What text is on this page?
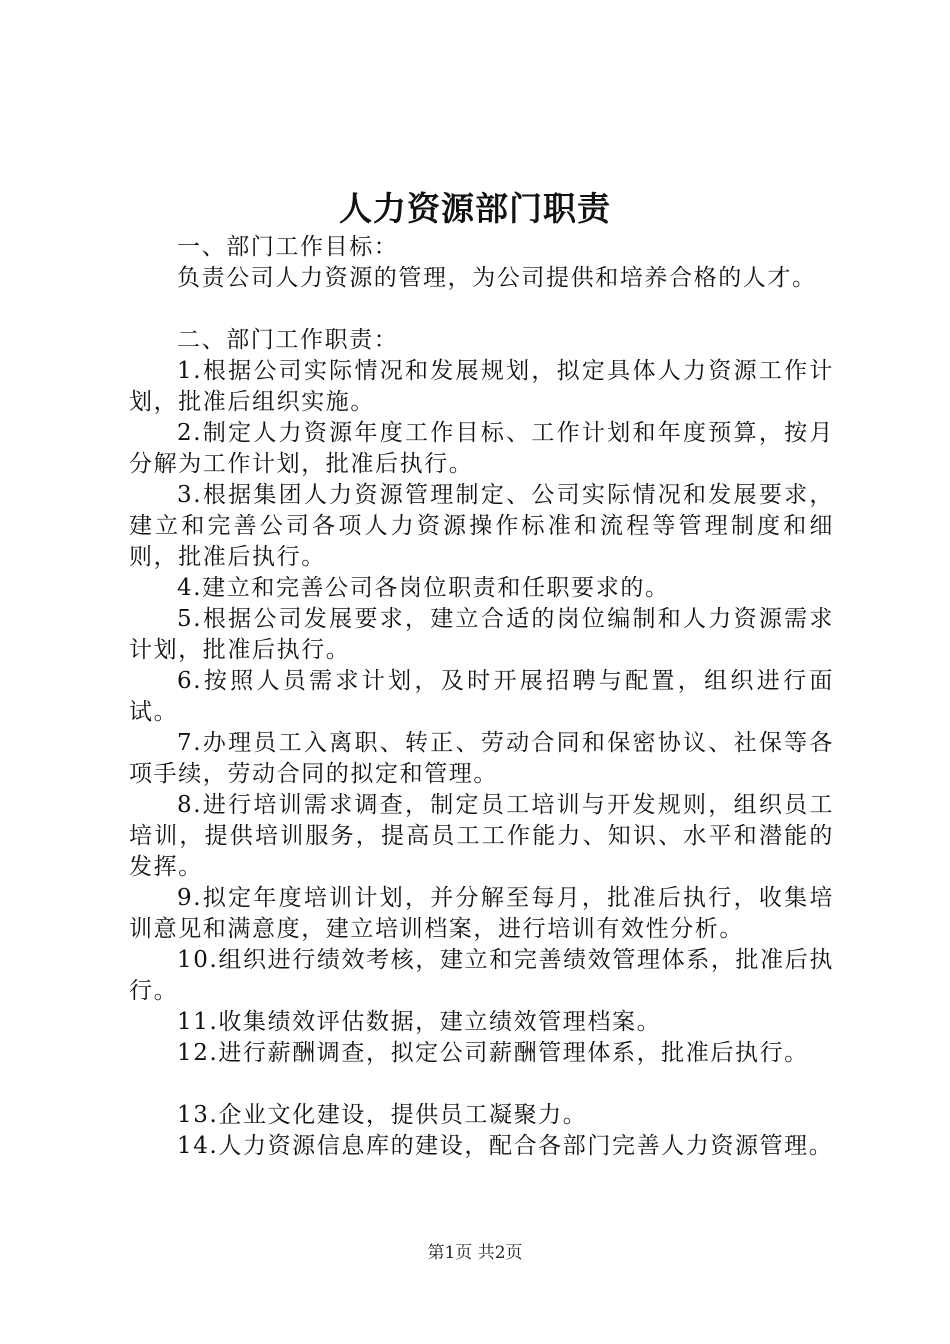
人力资源部门职责

一、部门工作目标：

负责公司人力资源的管理，为公司提供和培养合格的人才。

二、部门工作职责：

1.根据公司实际情况和发展规划，拟定具体人力资源工作计划，批准后组织实施。

2.制定人力资源年度工作目标、工作计划和年度预算，按月分解为工作计划，批准后执行。

3.根据集团人力资源管理制定、公司实际情况和发展要求，建立和完善公司各项人力资源操作标准和流程等管理制度和细则，批准后执行。

4.建立和完善公司各岗位职责和任职要求的。

5.根据公司发展要求，建立合适的岗位编制和人力资源需求计划，批准后执行。

6.按照人员需求计划，及时开展招聘与配置，组织进行面试。

7.办理员工入离职、转正、劳动合同和保密协议、社保等各项手续，劳动合同的拟定和管理。

8.进行培训需求调查，制定员工培训与开发规则，组织员工培训，提供培训服务，提高员工工作能力、知识、水平和潜能的发挥。

9.拟定年度培训计划，并分解至每月，批准后执行，收集培训意见和满意度，建立培训档案，进行培训有效性分析。

10.组织进行绩效考核，建立和完善绩效管理体系，批准后执行。

11.收集绩效评估数据，建立绩效管理档案。

12.进行薪酬调查，拟定公司薪酬管理体系，批准后执行。

13.企业文化建设，提供员工凝聚力。

14.人力资源信息库的建设，配合各部门完善人力资源管理。

第1页 共2页
